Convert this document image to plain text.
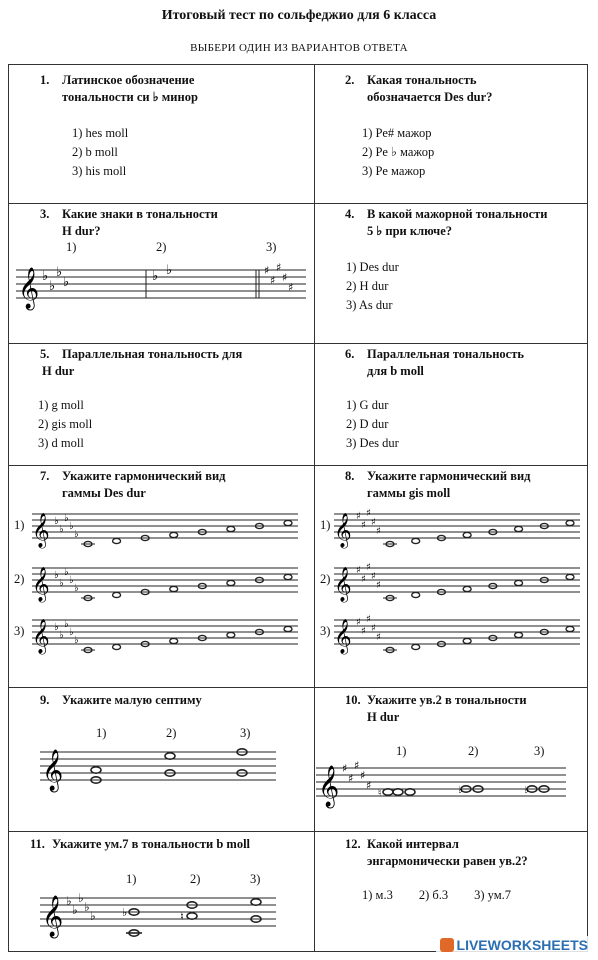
Итоговый тест по сольфеджио для 6 класса
ВЫБЕРИ ОДИН ИЗ ВАРИАНТОВ ОТВЕТА
1. Латинское обозначение
тональности си ♭ минор
1) hes moll
2) b moll
3) his moll
2. Какая тональность
обозначается Des dur?
1) Ре# мажор
2) Ре ♭ мажор
3) Ре мажор
3. Какие знаки в тональности
H dur?
1)	2)	3)
𝄞 ♭
♭
♭
♭	♭ ♭	♯
♯
♯
♯
♯
4. В какой мажорной тональности
5 ♭ при ключе?
1) Des dur
2) H dur
3) As dur
5. Параллельная тональность для
H dur
1) g moll
2) gis moll
3) d moll
6. Параллельная тональность
для b moll
1) G dur
2) D dur
3) Des dur
7. Укажите гармонический вид
гаммы Des dur
1)
2)
3)
𝄞 ♭
♭
♭
♭
♭
𝄞 ♭
♭
♭
♭
♭
𝄞 ♭
♭
♭
♭
♭
8. Укажите гармонический вид
гаммы gis moll
1)
2)
3)
𝄞 ♯
♯
♯
♯
♯
𝄞 ♯
♯
♯
♯
♯
𝄞 ♯
♯
♯
♯
♯
9. Укажите малую септиму
1)	2)	3)
𝄞
10. Укажите ув.2 в тональности
H dur
1)	2)	3)
𝄞 ♯
♯
♯
♯
♯
♮	♭	♭
11. Укажите ум.7 в тональности b moll
1)	2)	3)
𝄞 ♭
♭
♭
♭
♭ ♭	♮
12. Какой интервал
энгармонически равен ув.2?
1) м.3 2) б.3 3) ум.7
LIVEWORKSHEETS
